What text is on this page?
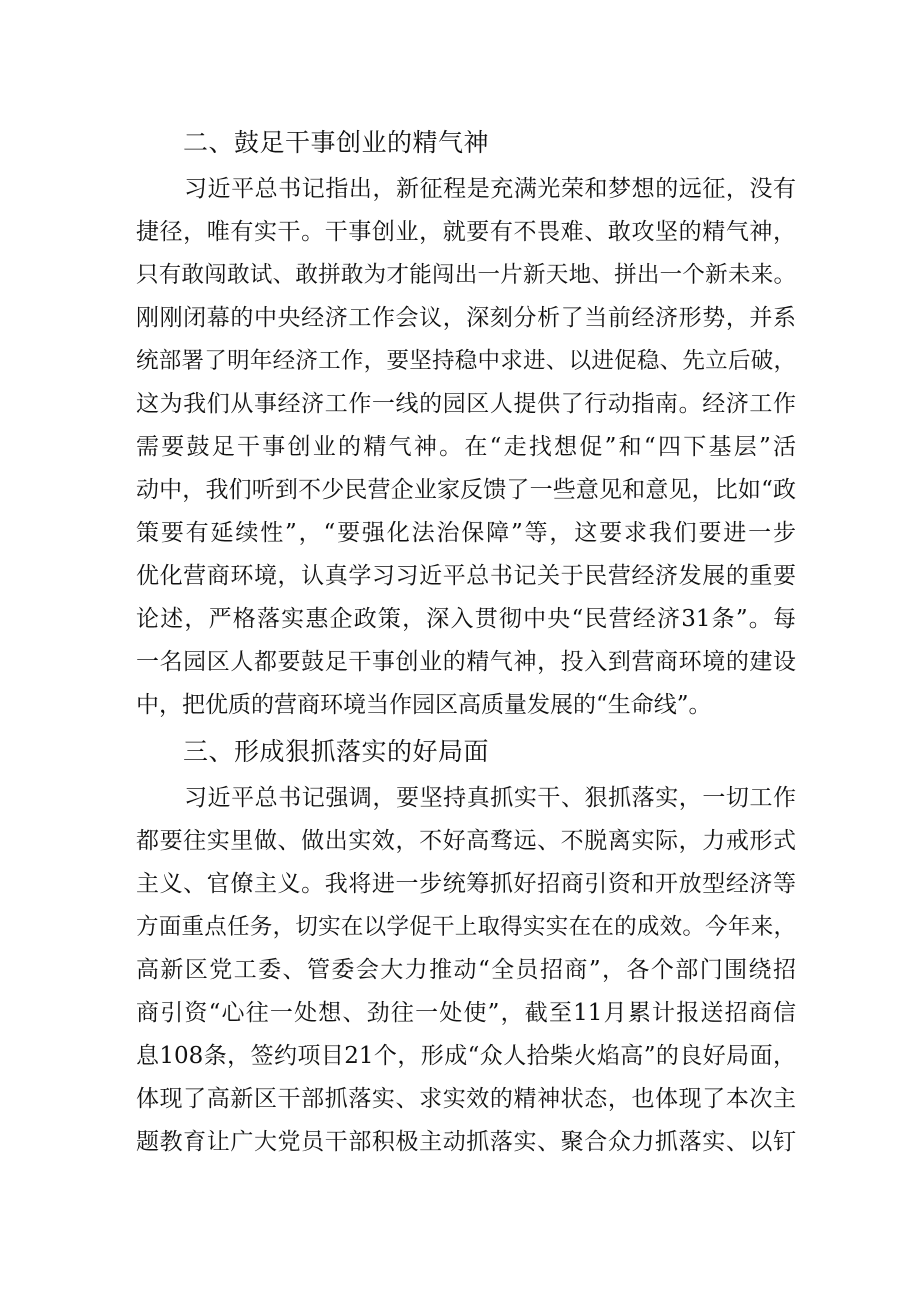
二、鼓足干事创业的精气神
习近平总书记指出，新征程是充满光荣和梦想的远征，没有
捷径，唯有实干。干事创业，就要有不畏难、敢攻坚的精气神，
只有敢闯敢试、敢拼敢为才能闯出一片新天地、拼出一个新未来。
刚刚闭幕的中央经济工作会议，深刻分析了当前经济形势，并系
统部署了明年经济工作，要坚持稳中求进、以进促稳、先立后破，
这为我们从事经济工作一线的园区人提供了行动指南。经济工作
需要鼓足干事创业的精气神。在“走找想促”和“四下基层”活
动中，我们听到不少民营企业家反馈了一些意见和意见，比如“政
策要有延续性”，“要强化法治保障”等，这要求我们要进一步
优化营商环境，认真学习习近平总书记关于民营经济发展的重要
论述，严格落实惠企政策，深入贯彻中央“民营经济31条”。每
一名园区人都要鼓足干事创业的精气神，投入到营商环境的建设
中，把优质的营商环境当作园区高质量发展的“生命线”。
三、形成狠抓落实的好局面
习近平总书记强调，要坚持真抓实干、狠抓落实，一切工作
都要往实里做、做出实效，不好高骛远、不脱离实际，力戒形式
主义、官僚主义。我将进一步统筹抓好招商引资和开放型经济等
方面重点任务，切实在以学促干上取得实实在在的成效。今年来，
高新区党工委、管委会大力推动“全员招商”，各个部门围绕招
商引资“心往一处想、劲往一处使”，截至11月累计报送招商信
息108条，签约项目21个，形成“众人拾柴火焰高”的良好局面，
体现了高新区干部抓落实、求实效的精神状态，也体现了本次主
题教育让广大党员干部积极主动抓落实、聚合众力抓落实、以钉
